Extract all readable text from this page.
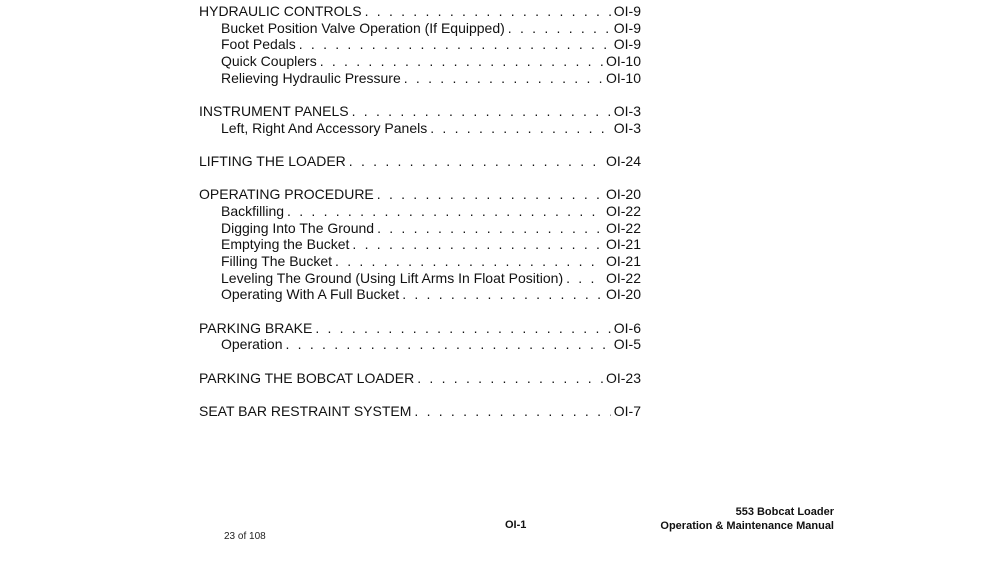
HYDRAULIC CONTROLS . . .	OI-9
Bucket Position Valve Operation (If Equipped) . . .	OI-9
Foot Pedals . . .	OI-9
Quick Couplers . . .	OI-10
Relieving Hydraulic Pressure . . .	OI-10
INSTRUMENT PANELS . . .	OI-3
Left, Right And Accessory Panels . . .	OI-3
LIFTING THE LOADER . . .	OI-24
OPERATING PROCEDURE . . .	OI-20
Backfilling . . .	OI-22
Digging Into The Ground . . .	OI-22
Emptying the Bucket . . .	OI-21
Filling The Bucket . . .	OI-21
Leveling The Ground (Using Lift Arms In Float Position) . . .	OI-22
Operating With A Full Bucket . . .	OI-20
PARKING BRAKE . . .	OI-6
Operation . . .	OI-5
PARKING THE BOBCAT LOADER . . .	OI-23
SEAT BAR RESTRAINT SYSTEM . . .	OI-7
23 of 108
OI-1
553 Bobcat Loader
Operation & Maintenance Manual
